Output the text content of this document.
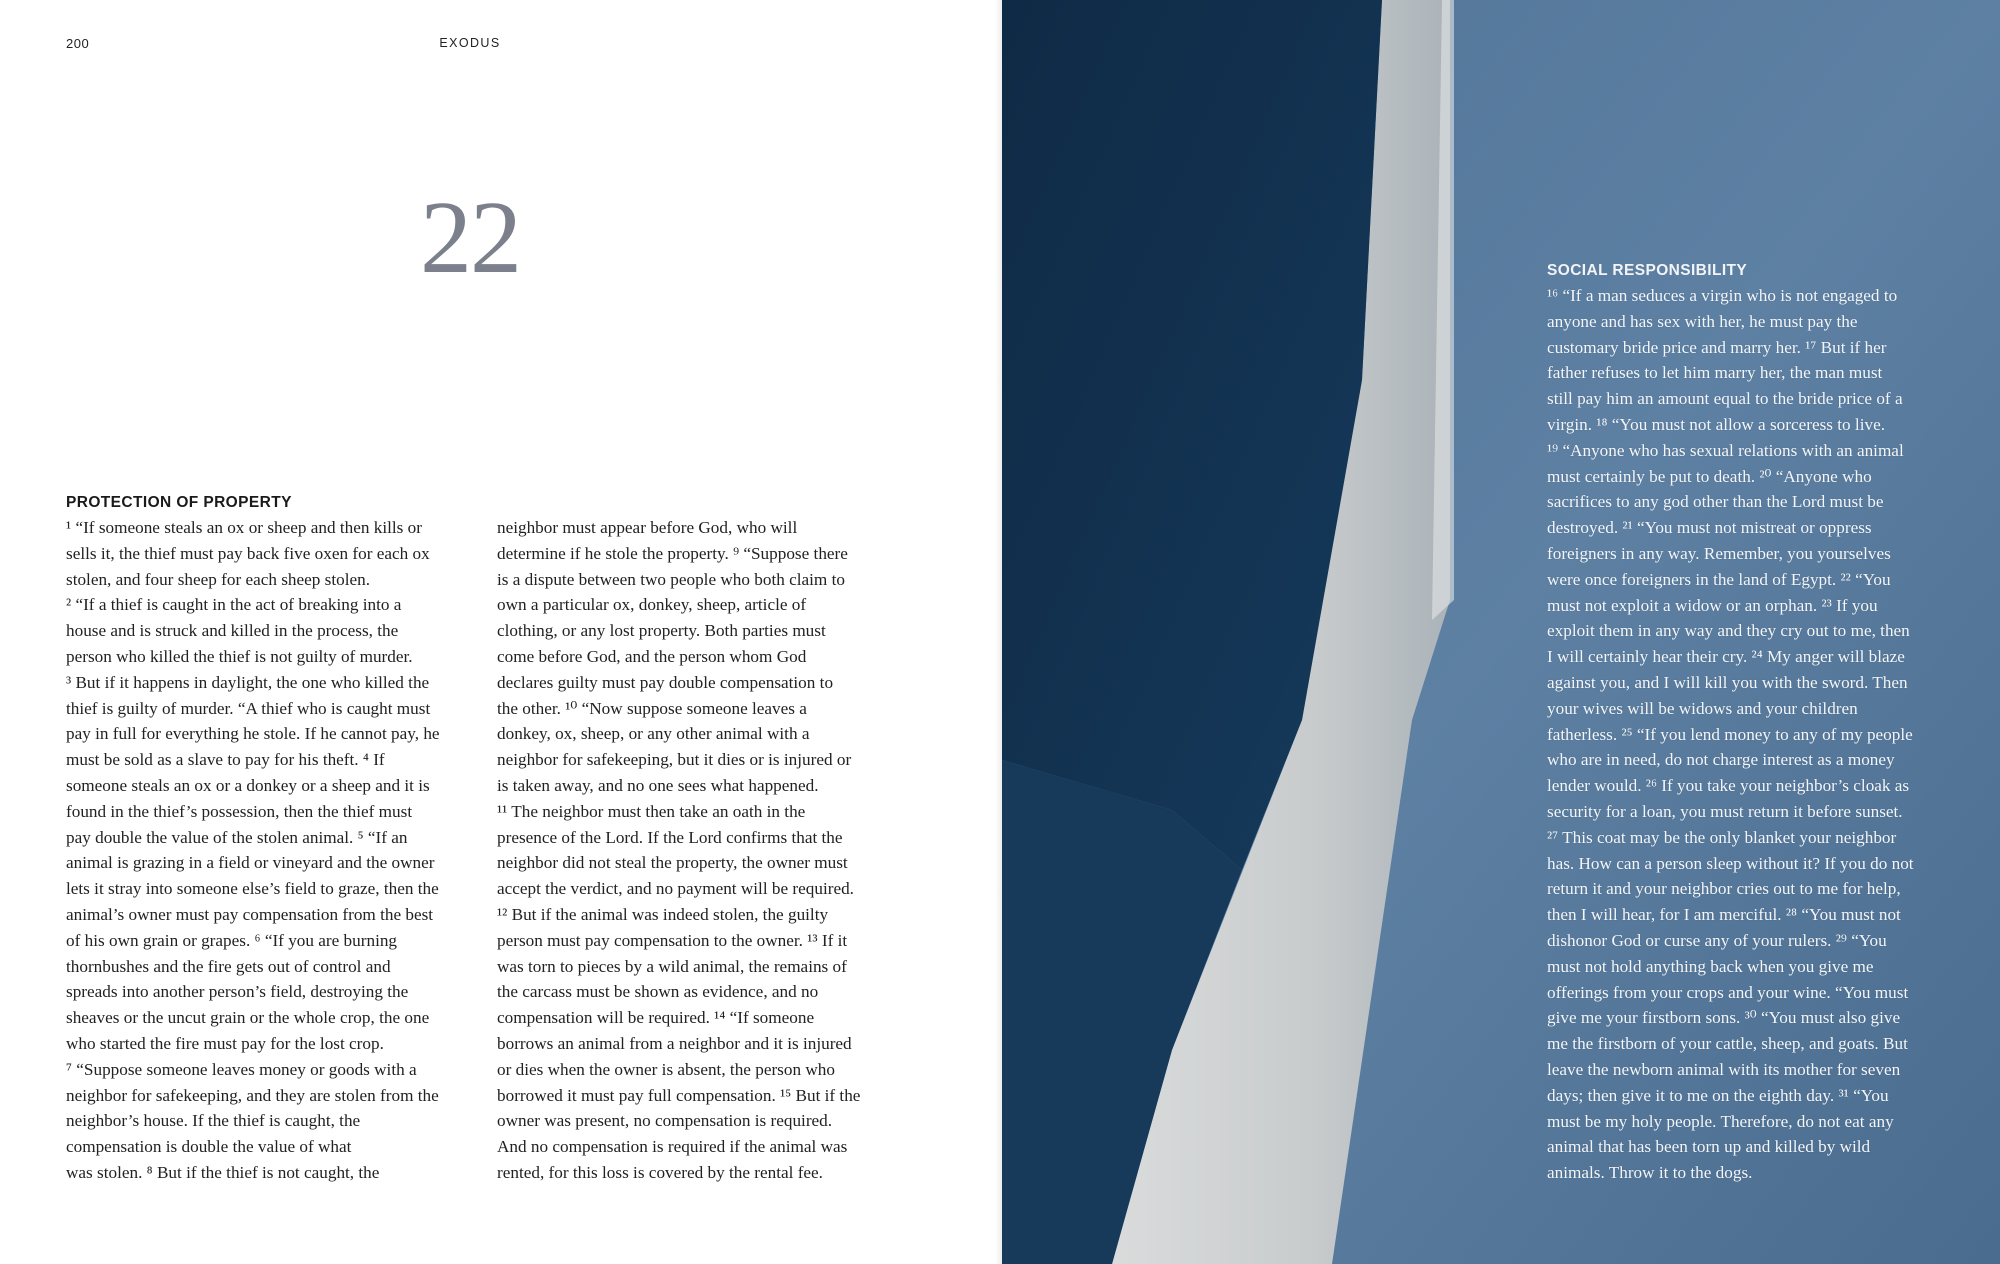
200	EXODUS
22
PROTECTION OF PROPERTY

¹ “If someone steals an ox or sheep and then kills or
sells it, the thief must pay back five oxen for each ox
stolen, and four sheep for each sheep stolen.
² “If a thief is caught in the act of breaking into a
house and is struck and killed in the process, the
person who killed the thief is not guilty of murder.
³ But if it happens in daylight, the one who killed the
thief is guilty of murder. “A thief who is caught must
pay in full for everything he stole. If he cannot pay, he
must be sold as a slave to pay for his theft. ⁴ If
someone steals an ox or a donkey or a sheep and it is
found in the thief’s possession, then the thief must
pay double the value of the stolen animal. ⁵ “If an
animal is grazing in a field or vineyard and the owner
lets it stray into someone else’s field to graze, then the
animal’s owner must pay compensation from the best
of his own grain or grapes. ⁶ “If you are burning
thornbushes and the fire gets out of control and
spreads into another person’s field, destroying the
sheaves or the uncut grain or the whole crop, the one
who started the fire must pay for the lost crop.
⁷ “Suppose someone leaves money or goods with a
neighbor for safekeeping, and they are stolen from the
neighbor’s house. If the thief is caught, the
compensation is double the value of what
was stolen. ⁸ But if the thief is not caught, the

neighbor must appear before God, who will
determine if he stole the property. ⁹ “Suppose there
is a dispute between two people who both claim to
own a particular ox, donkey, sheep, article of
clothing, or any lost property. Both parties must
come before God, and the person whom God
declares guilty must pay double compensation to
the other. ¹⁰ “Now suppose someone leaves a
donkey, ox, sheep, or any other animal with a
neighbor for safekeeping, but it dies or is injured or
is taken away, and no one sees what happened.
¹¹ The neighbor must then take an oath in the
presence of the Lord. If the Lord confirms that the
neighbor did not steal the property, the owner must
accept the verdict, and no payment will be required.
¹² But if the animal was indeed stolen, the guilty
person must pay compensation to the owner. ¹³ If it
was torn to pieces by a wild animal, the remains of
the carcass must be shown as evidence, and no
compensation will be required. ¹⁴ “If someone
borrows an animal from a neighbor and it is injured
or dies when the owner is absent, the person who
borrowed it must pay full compensation. ¹⁵ But if the
owner was present, no compensation is required.
And no compensation is required if the animal was
rented, for this loss is covered by the rental fee.

SOCIAL RESPONSIBILITY

¹⁶ “If a man seduces a virgin who is not engaged to
anyone and has sex with her, he must pay the
customary bride price and marry her. ¹⁷ But if her
father refuses to let him marry her, the man must
still pay him an amount equal to the bride price of a
virgin. ¹⁸ “You must not allow a sorceress to live.
¹⁹ “Anyone who has sexual relations with an animal
must certainly be put to death. ²⁰ “Anyone who
sacrifices to any god other than the Lord must be
destroyed. ²¹ “You must not mistreat or oppress
foreigners in any way. Remember, you yourselves
were once foreigners in the land of Egypt. ²² “You
must not exploit a widow or an orphan. ²³ If you
exploit them in any way and they cry out to me, then
I will certainly hear their cry. ²⁴ My anger will blaze
against you, and I will kill you with the sword. Then
your wives will be widows and your children
fatherless. ²⁵ “If you lend money to any of my people
who are in need, do not charge interest as a money
lender would. ²⁶ If you take your neighbor’s cloak as
security for a loan, you must return it before sunset.
²⁷ This coat may be the only blanket your neighbor
has. How can a person sleep without it? If you do not
return it and your neighbor cries out to me for help,
then I will hear, for I am merciful. ²⁸ “You must not
dishonor God or curse any of your rulers. ²⁹ “You
must not hold anything back when you give me
offerings from your crops and your wine. “You must
give me your firstborn sons. ³⁰ “You must also give
me the firstborn of your cattle, sheep, and goats. But
leave the newborn animal with its mother for seven
days; then give it to me on the eighth day. ³¹ “You
must be my holy people. Therefore, do not eat any
animal that has been torn up and killed by wild
animals. Throw it to the dogs.
